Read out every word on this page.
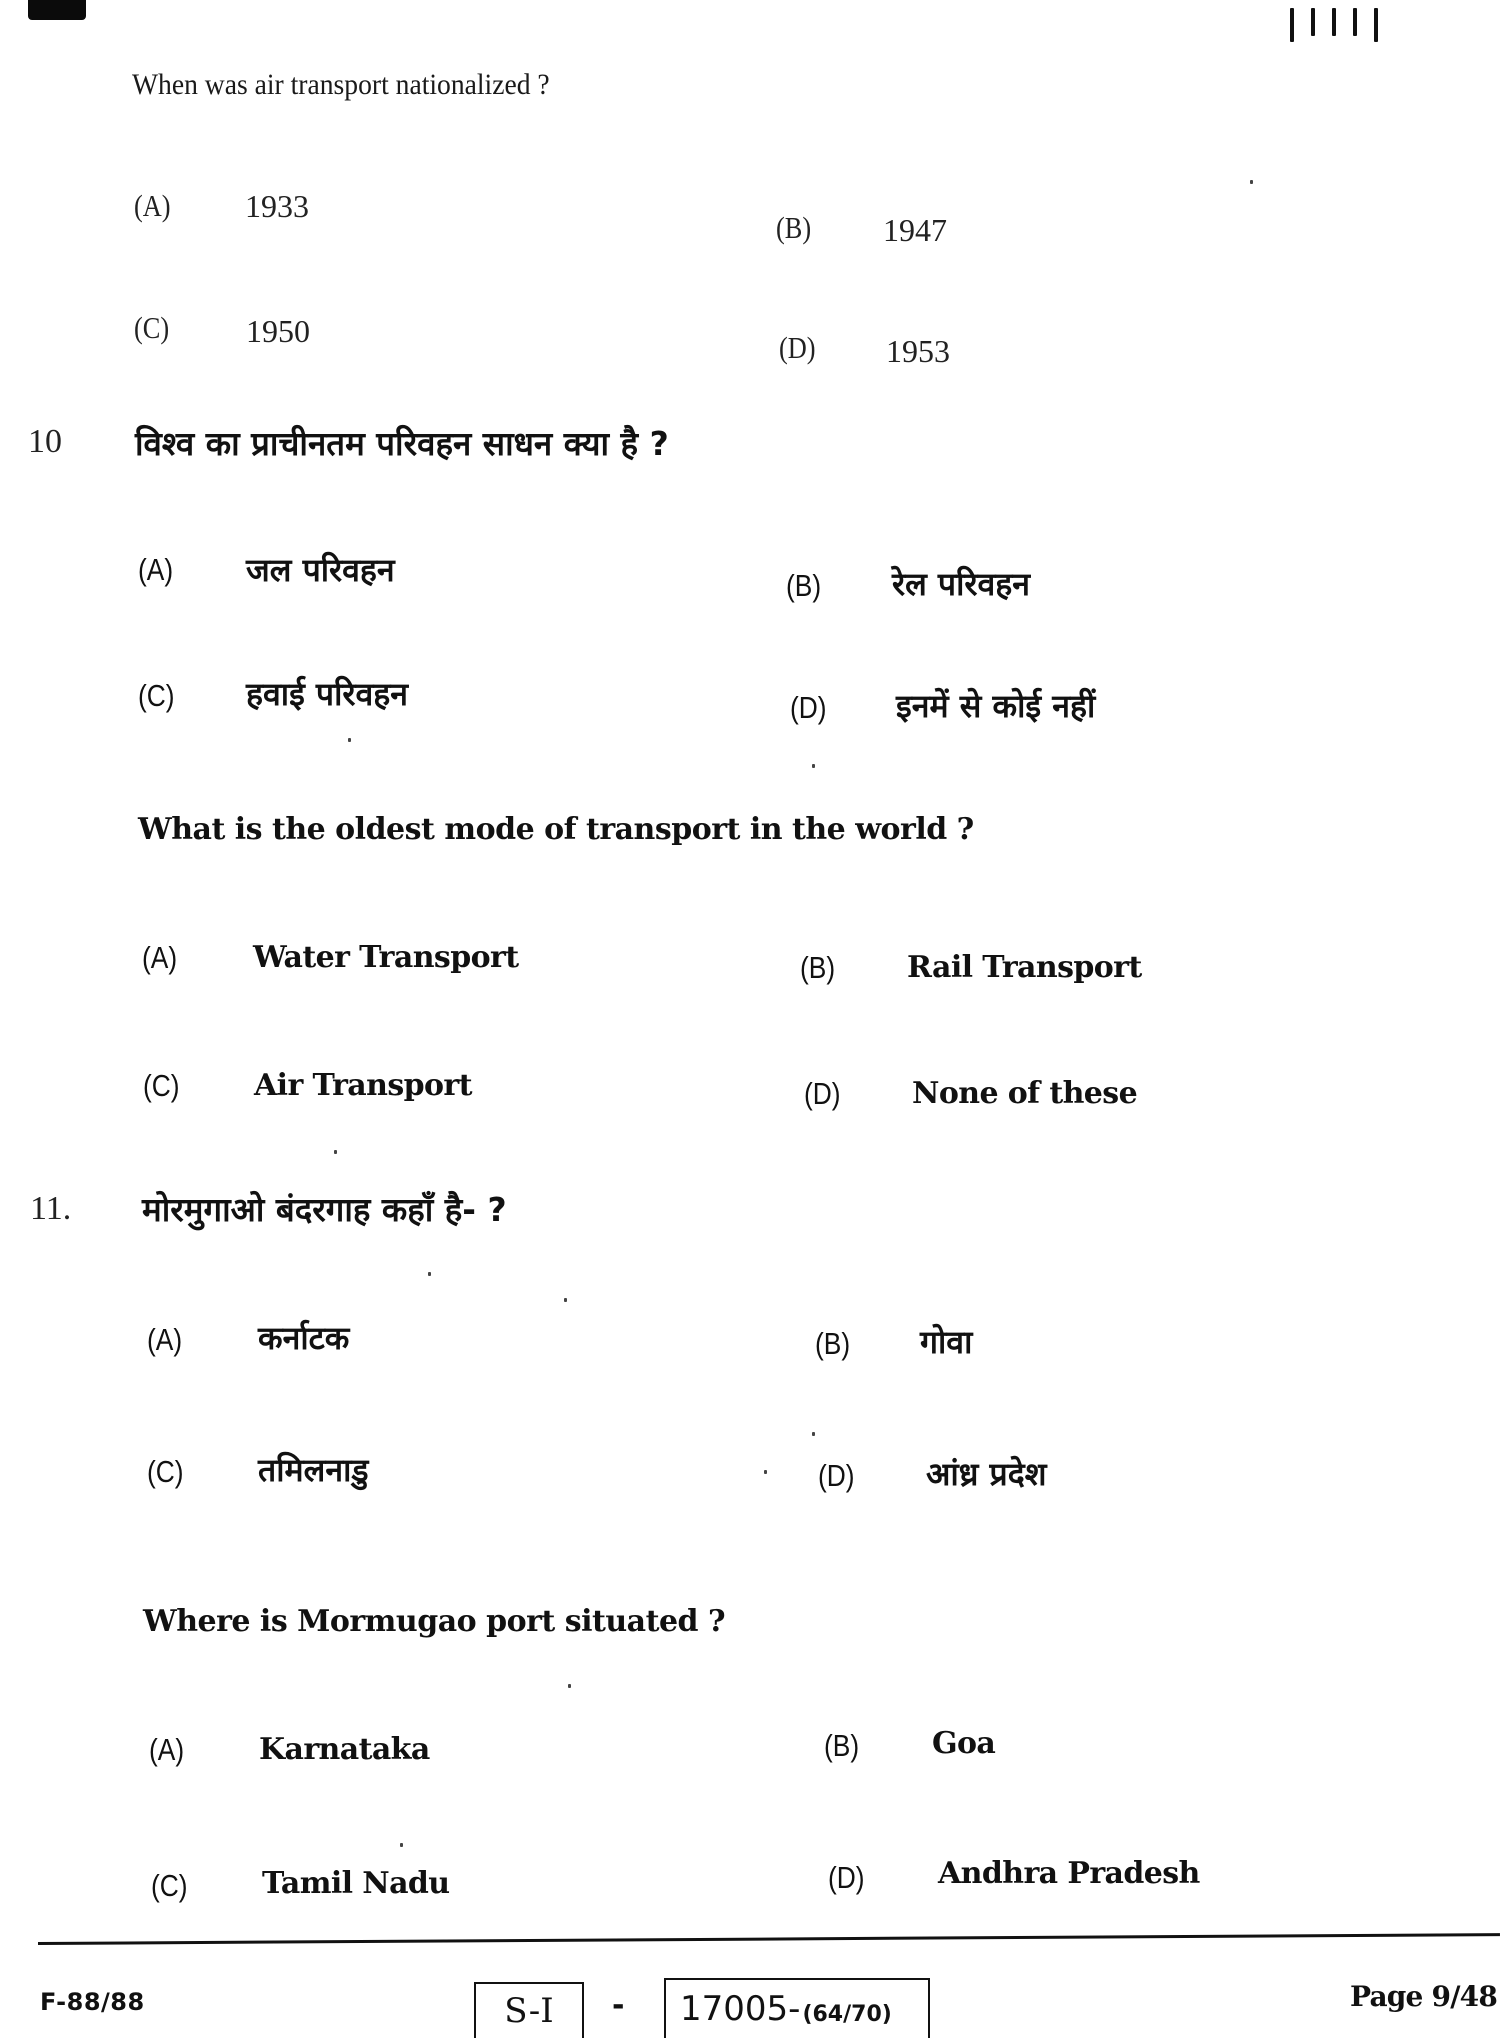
When was air transport nationalized ?
(A) 1933
(B) 1947
(C) 1950	(D) 1953
10 विश्व का प्राचीनतम परिवहन साधन क्या है ?
(A) जल परिवहन	(B) रेल परिवहन
(C) हवाई परिवहन	(D) इनमें से कोई नहीं
What is the oldest mode of transport in the world ?
(A)	Water Transport	(B) Rail Transport
(C) Air Transport	(D) None of these
11. मोरमुगाओ बंदरगाह कहाँ है- ?
(A) कर्नाटक	(B) गोवा
(C) तमिलनाडु	(D) आंध्र प्रदेश
Where is Mormugao port situated ?
(A) Karnataka	(B) Goa
(C) Tamil Nadu	(D) Andhra Pradesh
F-88/88	S-I - 17005- (64/70)
Page 9/48
